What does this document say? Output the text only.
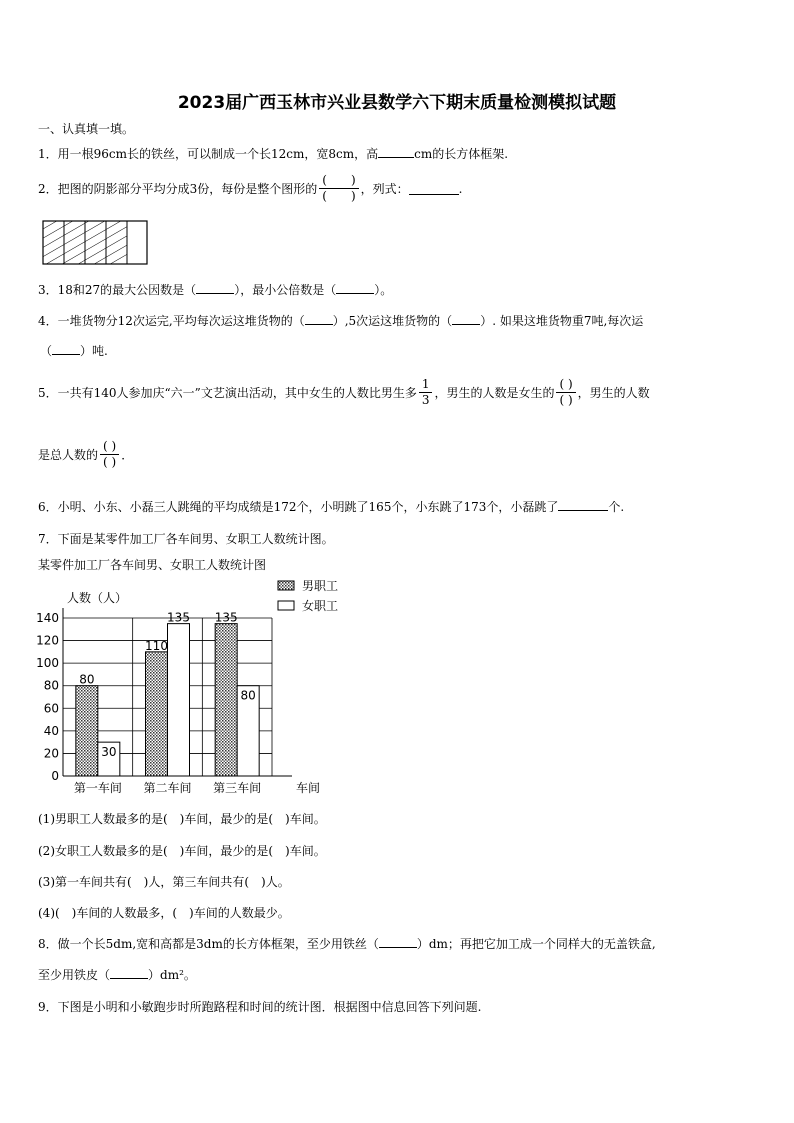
2023届广西玉林市兴业县数学六下期末质量检测模拟试题
一、认真填一填。
1．用一根96cm长的铁丝，可以制成一个长12cm，宽8cm，高	cm的长方体框架.
2． 把图的阴影部分平均分成3份，每份是整个图形的 $\frac{( )}{( )}$ ，列式：	.
3．18和27的最大公因数是（	），最小公倍数是（	）。
4．一堆货物分12次运完,平均每次运这堆货物的（ ）,5次运这堆货物的（ ）. 如果这堆货物重7吨,每次运
（ ）吨.
5． 一共有140人参加庆“六一”文艺演出活动，其中女生的人数比男生多 $\frac{1}{3}$ ，男生的人数是女生的 $\frac{( )}{( )}$ ，男生的人数
是总人数的 $\frac{( )}{( )}$ ．
6．小明、小东、小磊三人跳绳的平均成绩是172个，小明跳了165个，小东跳了173个，小磊跳了	个.
7．下面是某零件加工厂各车间男、女职工人数统计图。
某零件加工厂各车间男、女职工人数统计图
人数（人）
0
20
40
60
80
100
120
140
车间
80
30
第一车间
110
135
第二车间
135
80
第三车间
男职工
女职工
(1)男职工人数最多的是(　)车间，最少的是(　)车间。
(2)女职工人数最多的是(　)车间，最少的是(　)车间。
(3)第一车间共有(　)人，第三车间共有(　)人。
(4)(　)车间的人数最多，(　)车间的人数最少。
8．做一个长5dm,宽和高都是3dm的长方体框架，至少用铁丝（	）dm；再把它加工成一个同样大的无盖铁盒,
至少用铁皮（	）dm²。
9．下图是小明和小敏跑步时所跑路程和时间的统计图．根据图中信息回答下列问题.
